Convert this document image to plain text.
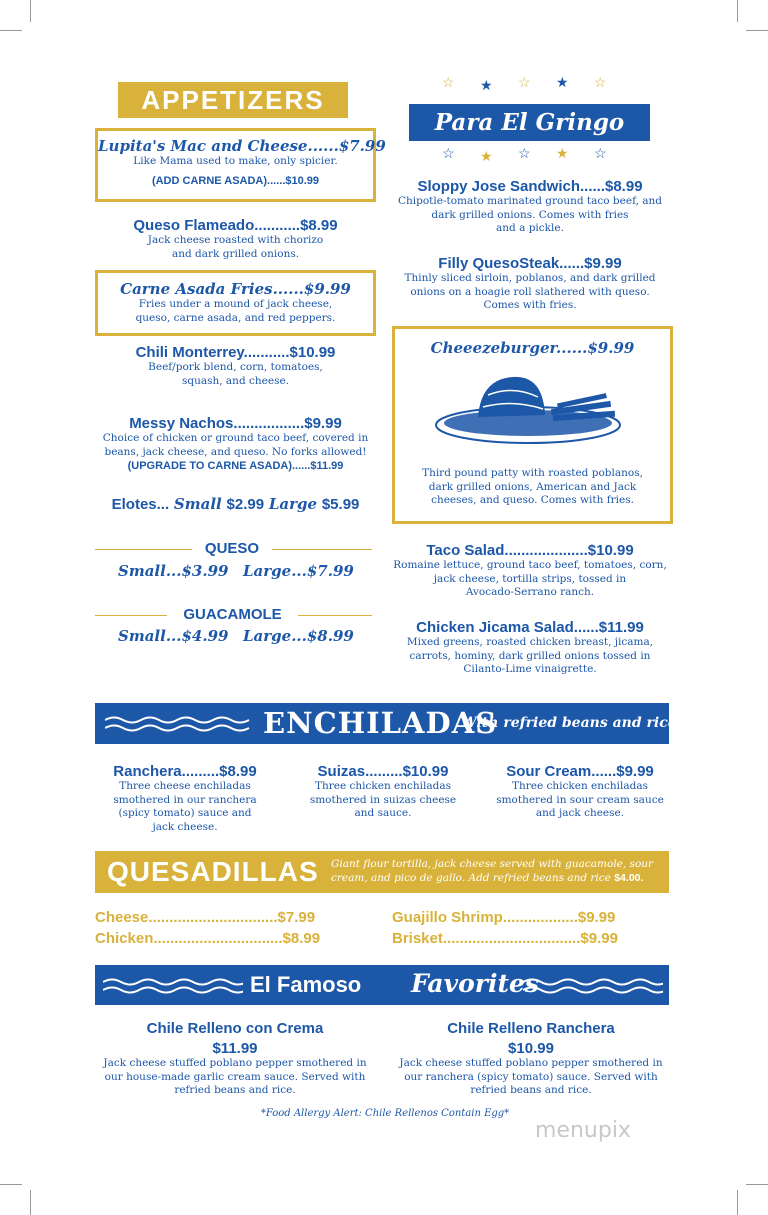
APPETIZERS
Lupita's Mac and Cheese......$7.99
Like Mama used to make, only spicier.
(ADD CARNE ASADA)......$10.99
Queso Flameado...........$8.99
Jack cheese roasted with chorizo
and dark grilled onions.
Carne Asada Fries......$9.99
Fries under a mound of jack cheese,
queso, carne asada, and red peppers.
Chili Monterrey...........$10.99
Beef/pork blend, corn, tomatoes,
squash, and cheese.
Messy Nachos.................$9.99
Choice of chicken or ground taco beef, covered in
beans, jack cheese, and queso. No forks allowed!
(UPGRADE TO CARNE ASADA)......$11.99
Elotes... Small $2.99 Large $5.99
QUESO
Small...$3.99 Large...$7.99
GUACAMOLE
Small...$4.99 Large...$8.99
☆ ★ ☆ ★ ☆
Para El Gringo
☆ ★ ☆ ★ ☆
Sloppy Jose Sandwich......$8.99
Chipotle-tomato marinated ground taco beef, and
dark grilled onions. Comes with fries
and a pickle.
Filly QuesoSteak......$9.99
Thinly sliced sirloin, poblanos, and dark grilled
onions on a hoagie roll slathered with queso.
Comes with fries.
Cheeezeburger......$9.99
Third pound patty with roasted poblanos,
dark grilled onions, American and Jack
cheeses, and queso. Comes with fries.
Taco Salad....................$10.99
Romaine lettuce, ground taco beef, tomatoes, corn,
jack cheese, tortilla strips, tossed in
Avocado-Serrano ranch.
Chicken Jicama Salad......$11.99
Mixed greens, roasted chicken breast, jicama,
carrots, hominy, dark grilled onions tossed in
Cilanto-Lime vinaigrette.
ENCHILADAS
With refried beans and rice
Ranchera.........$8.99
Three cheese enchiladas
smothered in our ranchera
(spicy tomato) sauce and
jack cheese.
Suizas.........$10.99
Three chicken enchiladas
smothered in suizas cheese
and sauce.
Sour Cream......$9.99
Three chicken enchiladas
smothered in sour cream sauce
and jack cheese.
QUESADILLAS Giant flour tortilla, jack cheese served with guacamole, sour
cream, and pico de gallo. Add refried beans and rice $4.00.
Cheese...............................$7.99
Chicken...............................$8.99
Guajillo Shrimp..................$9.99
Brisket.................................$9.99
El Famoso Favorites
Chile Relleno con Crema
$11.99
Jack cheese stuffed poblano pepper smothered in
our house-made garlic cream sauce. Served with
refried beans and rice.
Chile Relleno Ranchera
$10.99
Jack cheese stuffed poblano pepper smothered in
our ranchera (spicy tomato) sauce. Served with
refried beans and rice.
*Food Allergy Alert: Chile Rellenos Contain Egg*
menupix
